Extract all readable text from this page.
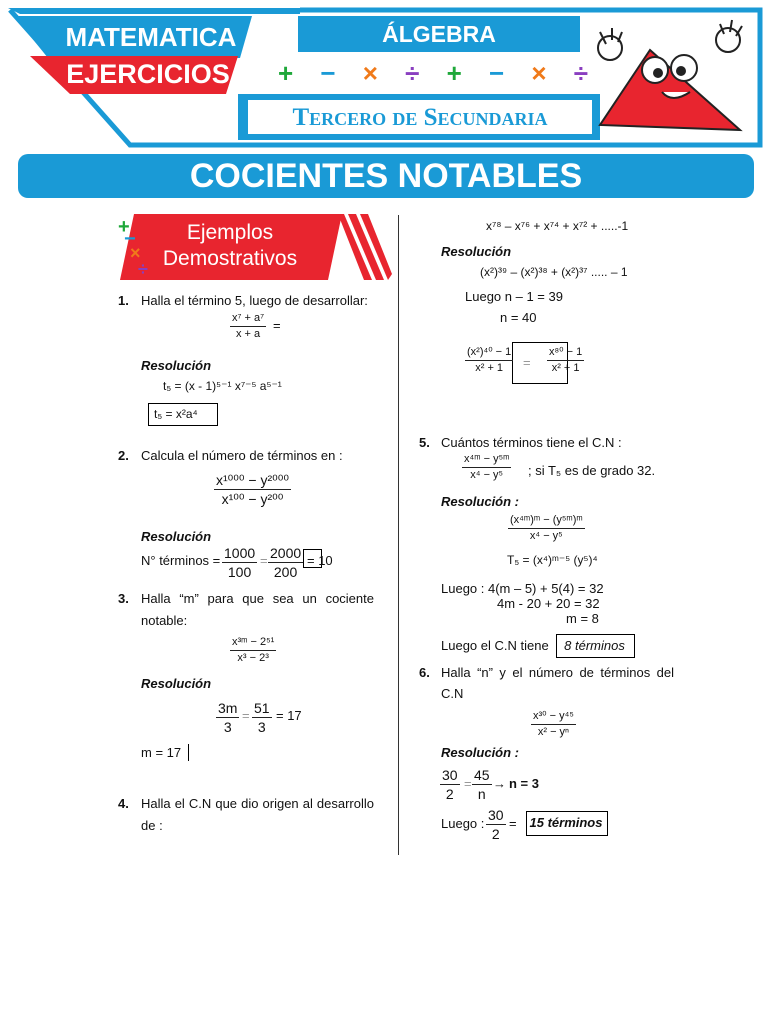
MATEMATICA
EJERCICIOS
ÁLGEBRA
Tercero de Secundaria
+ − × ÷ + − × ÷
COCIENTES NOTABLES
+
−
×
÷
Ejemplos
Demostrativos
1. Halla el término 5, luego de desarrollar:
$\frac{\text{x⁷ + a⁷}}{x + a}$ =
Resolución
t₅ = (x - 1)⁵⁻¹ x⁷⁻⁵ a⁵⁻¹
t₅ = x²a⁴
2. Calcula el número de términos en :
$\frac{\text{x¹⁰⁰⁰ − y²⁰⁰⁰}}{\text{x¹⁰⁰ − y²⁰⁰}}$
Resolución
N° términos = $\frac{1000}{100} = \frac{2000}{200} = 10$
3. Halla “m” para que sea un cociente
notable:
$\frac{\text{x³ᵐ − 2⁵¹}}{\text{x³ − 2³}}$
Resolución
$\frac{3m}{3} = \frac{51}{3} = 17$
m = 17
4. Halla el C.N que dio origen al desarrollo
de :
x⁷⁸ – x⁷⁶ + x⁷⁴ + x⁷² + .....-1
Resolución
(x²)³⁹ – (x²)³⁸ + (x²)³⁷ ..... – 1
Luego n – 1 = 39
n = 40
$\frac{\text{(x²)⁴⁰ − 1}}{\text{x² + 1}} = \frac{\text{x⁸⁰ − 1}}{\text{x² + 1}}$
5. Cuántos términos tiene el C.N :
$\frac{\text{x⁴ᵐ − y⁵ᵐ}}{\text{x⁴ − y⁵}}$ ; si T₅ es de grado 32.
Resolución :
$\frac{\text{(x⁴ᵐ)ᵐ − (y⁵ᵐ)ᵐ}}{\text{x⁴ − y⁵}}$
T₅ = (x⁴)ᵐ⁻⁵ (y⁵)⁴
Luego : 4(m – 5) + 5(4) = 32
4m - 20 + 20 = 32
m = 8
Luego el C.N tiene	8 términos
6. Halla “n” y el número de términos del
C.N
$\frac{\text{x³⁰ − y⁴⁵}}{\text{x² − yⁿ}}$
Resolución :
$\frac{30}{2} = \frac{45}{n} \to n = 3$
Luego : $\frac{30}{2} = 15$ términos
